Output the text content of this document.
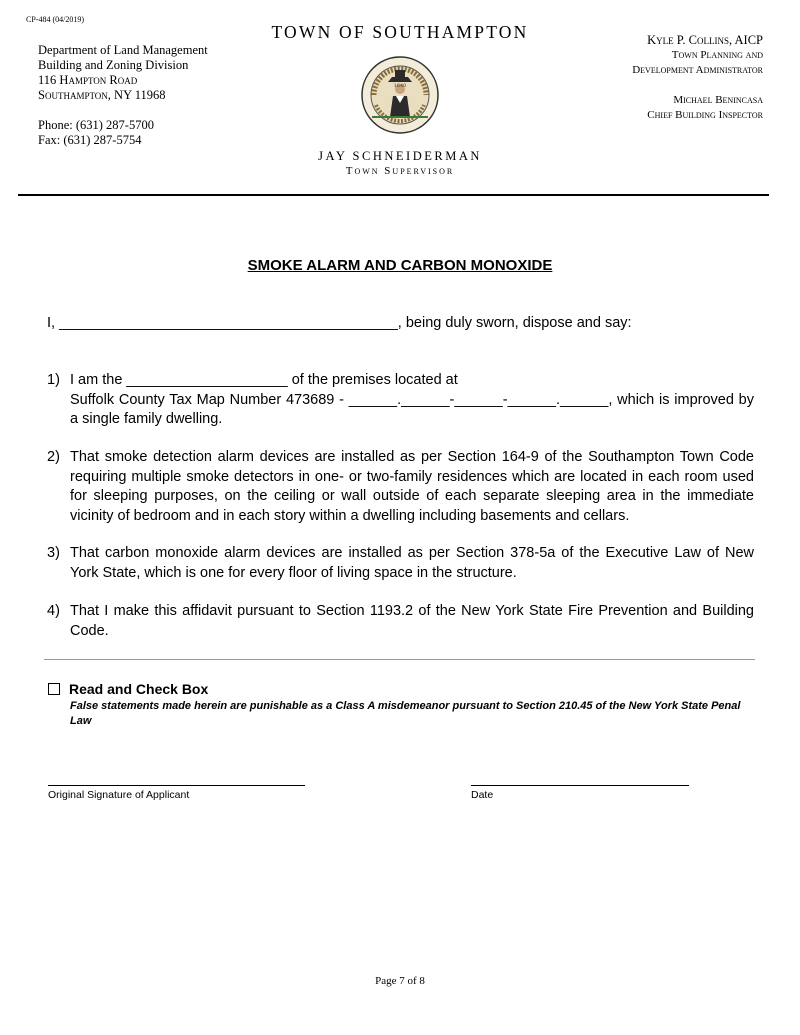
CP-484 (04/2019)
Department of Land Management
Building and Zoning Division
116 Hampton Road
Southampton, NY 11968
Phone: (631) 287-5700
Fax: (631) 287-5754
TOWN OF SOUTHAMPTON
1640
JAY SCHNEIDERMAN
Town Supervisor
Kyle P. Collins, AICP
Town Planning and
Development Administrator
Michael Benincasa
Chief Building Inspector
SMOKE ALARM AND CARBON MONOXIDE
I, __________________________________________, being duly sworn, dispose and say:
1) I am the ____________________ of the premises located at
Suffolk County Tax Map Number 473689 - ______.______-______-______.______, which is improved by a single family dwelling.
2) That smoke detection alarm devices are installed as per Section 164-9 of the Southampton Town Code requiring multiple smoke detectors in one- or two-family residences which are located in each room used for sleeping purposes, on the ceiling or wall outside of each separate sleeping area in the immediate vicinity of bedroom and in each story within a dwelling including basements and cellars.
3) That carbon monoxide alarm devices are installed as per Section 378-5a of the Executive Law of New York State, which is one for every floor of living space in the structure.
4) That I make this affidavit pursuant to Section 1193.2 of the New York State Fire Prevention and Building Code.
Read and Check Box
False statements made herein are punishable as a Class A misdemeanor pursuant to Section 210.45 of the New York State Penal Law
Original Signature of Applicant	Date
Page 7 of 8
